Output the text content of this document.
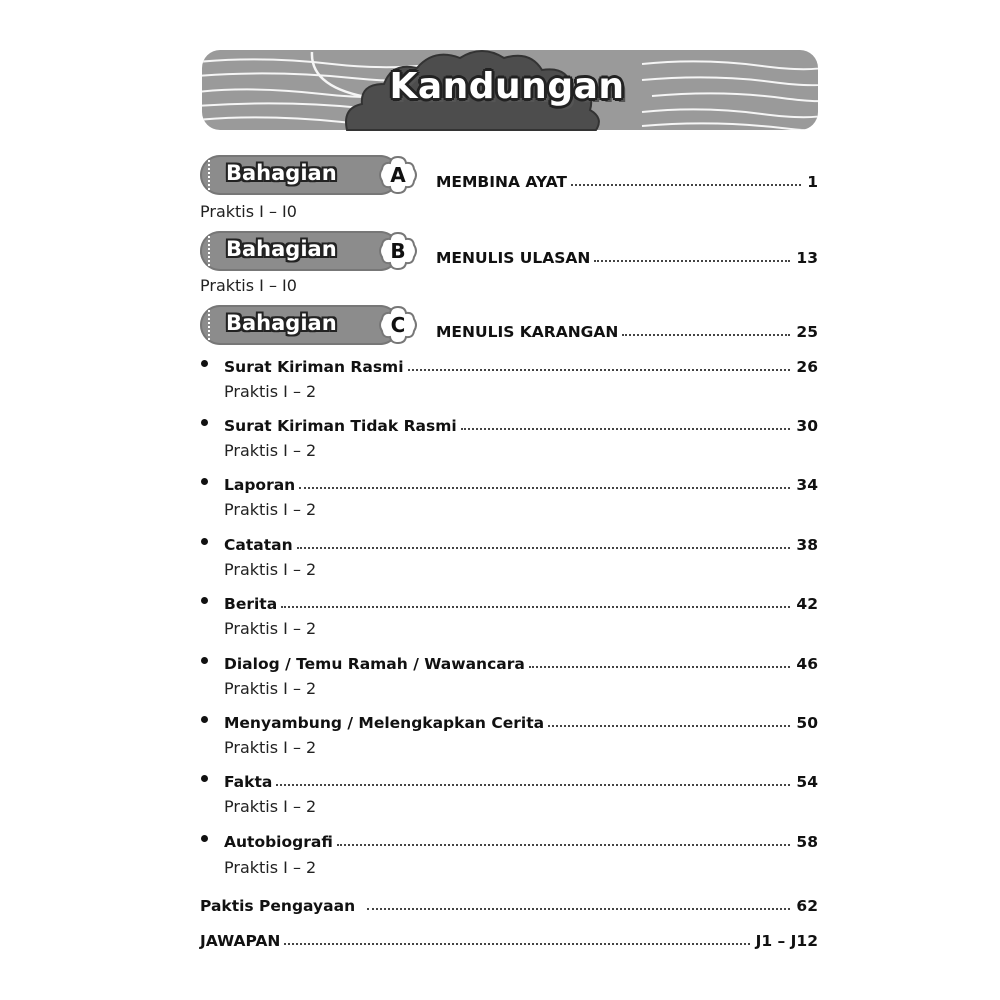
Kandungan
Bahagian	A	MEMBINA AYAT	1
Praktis I – I0
Bahagian	B	MENULIS ULASAN	13
Praktis I – I0
Bahagian	C	MENULIS KARANGAN	25
Surat Kiriman Rasmi	26
Praktis I – 2
Surat Kiriman Tidak Rasmi	30
Praktis I – 2
Laporan	34
Praktis I – 2
Catatan	38
Praktis I – 2
Berita	42
Praktis I – 2
Dialog / Temu Ramah / Wawancara	46
Praktis I – 2
Menyambung / Melengkapkan Cerita	50
Praktis I – 2
Fakta	54
Praktis I – 2
Autobiografi	58
Praktis I – 2
Paktis Pengayaan	62
JAWAPAN	J1 – J12
